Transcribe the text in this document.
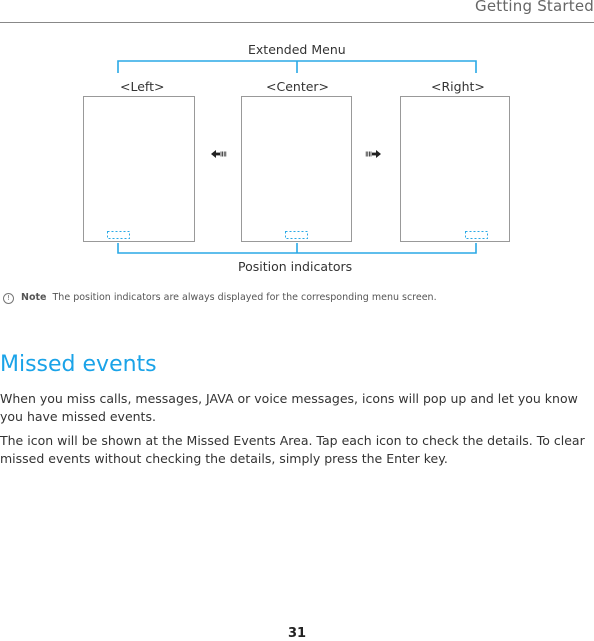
Getting Started
Extended Menu
<Left>	<Center>	<Right>
Position indicators
! Note The position indicators are always displayed for the corresponding menu screen.
Missed events
When you miss calls, messages, JAVA or voice messages, icons will pop up and let you know you have missed events.
The icon will be shown at the Missed Events Area. Tap each icon to check the details. To clear missed events without checking the details, simply press the Enter key.
31
